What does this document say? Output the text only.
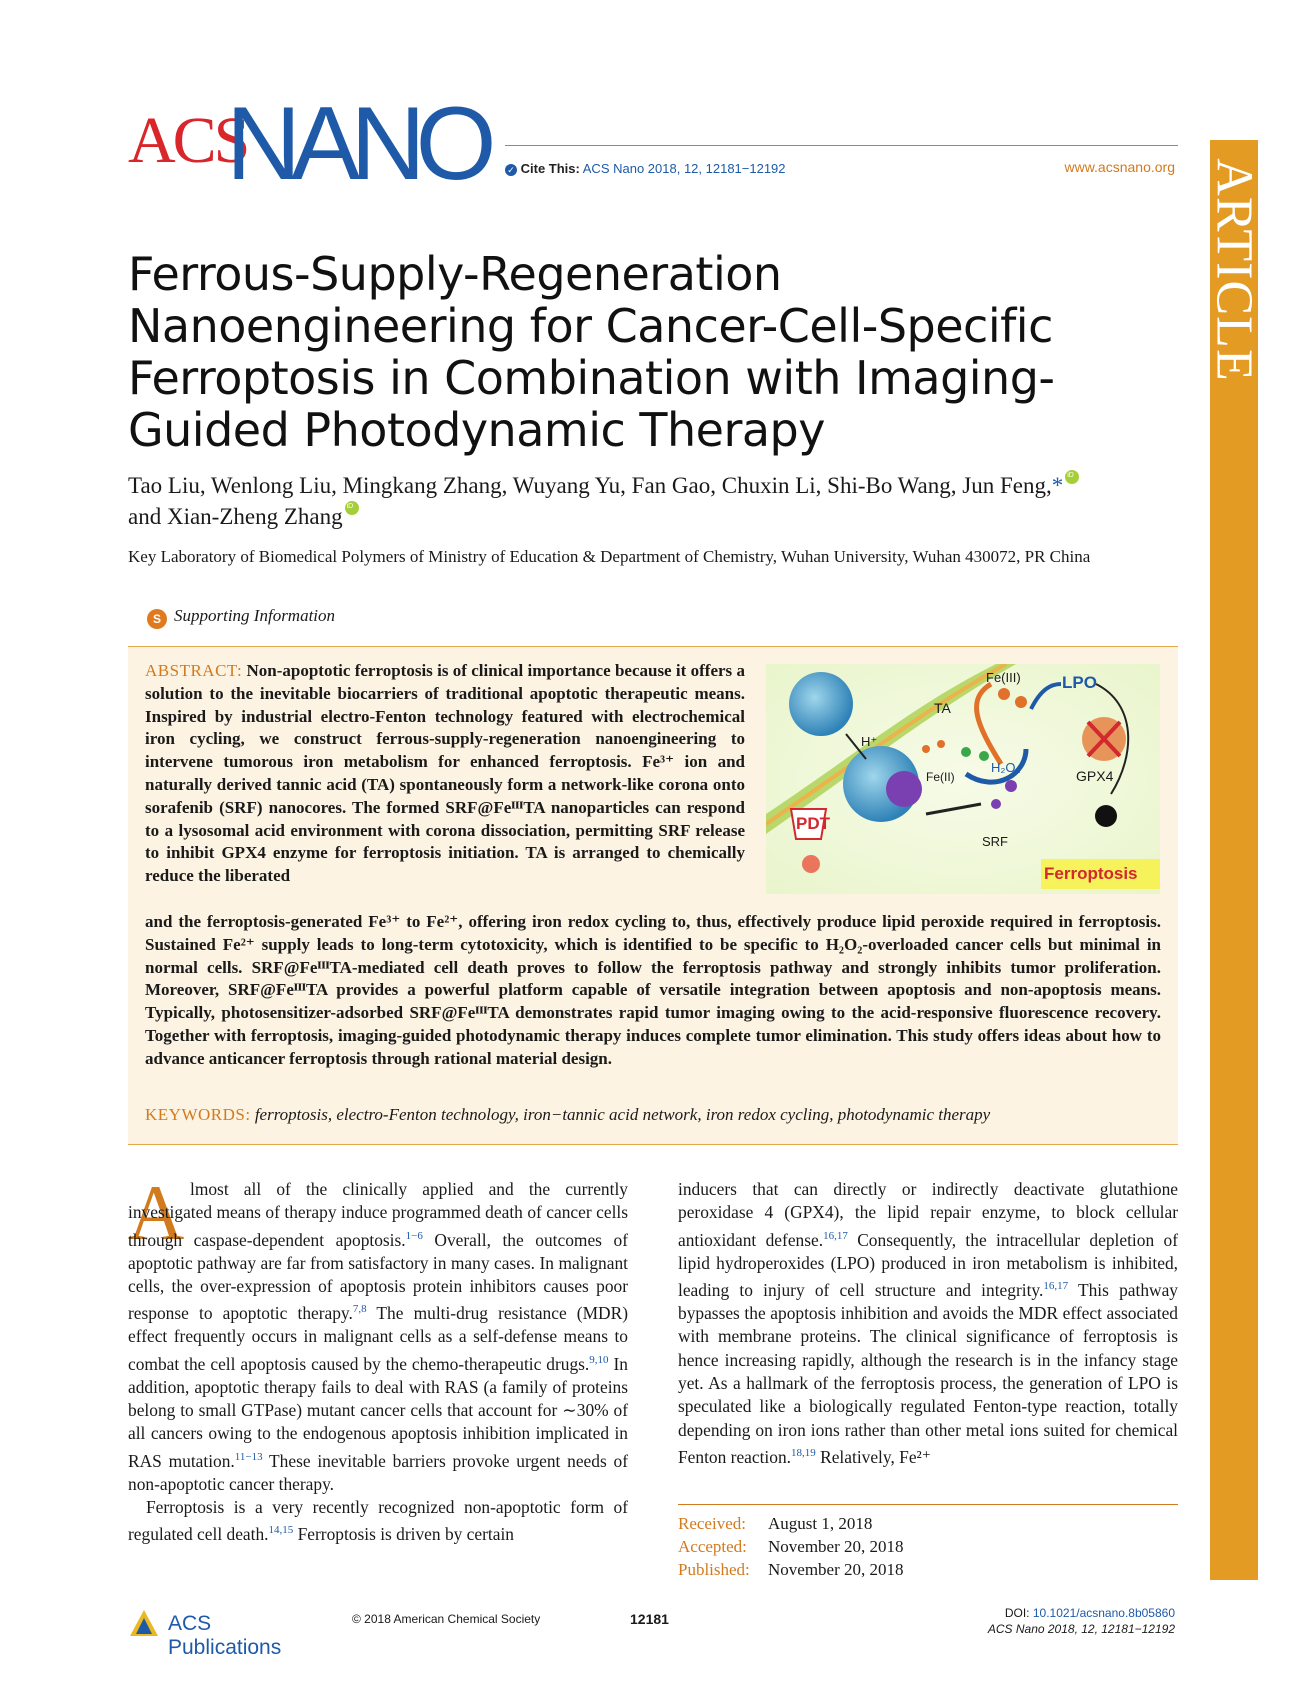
ACS
NANO ✓ Cite This: ACS Nano 2018, 12, 12181−12192	www.acsnano.org ARTICLE
Ferrous-Supply-Regeneration Nanoengineering for Cancer-Cell-Specific Ferroptosis in Combination with Imaging-Guided Photodynamic Therapy
Tao Liu, Wenlong Liu, Mingkang Zhang, Wuyang Yu, Fan Gao, Chuxin Li, Shi-Bo Wang, Jun Feng,*iD
and Xian-Zheng ZhangiD
Key Laboratory of Biomedical Polymers of Ministry of Education & Department of Chemistry, Wuhan University, Wuhan 430072, PR China
S Supporting Information
ABSTRACT: Non-apoptotic ferroptosis is of clinical importance because it offers a solution to the inevitable biocarriers of traditional apoptotic therapeutic means. Inspired by industrial electro-Fenton technology featured with electrochemical iron cycling, we construct ferrous-supply-regeneration nanoengineering to intervene tumorous iron metabolism for enhanced ferroptosis. Fe³⁺ ion and naturally derived tannic acid (TA) spontaneously form a network-like corona onto sorafenib (SRF) nanocores. The formed SRF@FeᴵᴵᴵTA nanoparticles can respond to a lysosomal acid environment with corona dissociation, permitting SRF release to inhibit GPX4 enzyme for ferroptosis initiation. TA is arranged to chemically reduce the liberated
and the ferroptosis-generated Fe³⁺ to Fe²⁺, offering iron redox cycling to, thus, effectively produce lipid peroxide required in ferroptosis. Sustained Fe²⁺ supply leads to long-term cytotoxicity, which is identified to be specific to H₂O₂-overloaded cancer cells but minimal in normal cells. SRF@FeᴵᴵᴵTA-mediated cell death proves to follow the ferroptosis pathway and strongly inhibits tumor proliferation. Moreover, SRF@FeᴵᴵᴵTA provides a powerful platform capable of versatile integration between apoptosis and non-apoptosis means. Typically, photosensitizer-adsorbed SRF@FeᴵᴵᴵTA demonstrates rapid tumor imaging owing to the acid-responsive fluorescence recovery. Together with ferroptosis, imaging-guided photodynamic therapy induces complete tumor elimination. This study offers ideas about how to advance anticancer ferroptosis through rational material design.
KEYWORDS: ferroptosis, electro-Fenton technology, iron−tannic acid network, iron redox cycling, photodynamic therapy
TA
Fe(III) LPO
H⁺
H₂O₂
Fe(II)	GPX4
PDT
SRF
Ferroptosis
A lmost all of the clinically applied and the currently investigated means of therapy induce programmed death of cancer cells through caspase-dependent apoptosis.$^{1-6}$ Overall, the outcomes of apoptotic pathway are far from satisfactory in many cases. In malignant cells, the over-expression of apoptosis protein inhibitors causes poor response to apoptotic therapy.$^{7,8}$ The multi-drug resistance (MDR) effect frequently occurs in malignant cells as a self-defense means to combat the cell apoptosis caused by the chemo-therapeutic drugs.$^{9,10}$ In addition, apoptotic therapy fails to deal with RAS (a family of proteins belong to small GTPase) mutant cancer cells that account for ∼30% of all cancers owing to the endogenous apoptosis inhibition implicated in RAS mutation.$^{11-13}$ These inevitable barriers provoke urgent needs of non-apoptotic cancer therapy.

Ferroptosis is a very recently recognized non-apoptotic form of regulated cell death.$^{14,15}$ Ferroptosis is driven by certain

inducers that can directly or indirectly deactivate glutathione peroxidase 4 (GPX4), the lipid repair enzyme, to block cellular antioxidant defense.$^{16,17}$ Consequently, the intracellular depletion of lipid hydroperoxides (LPO) produced in iron metabolism is inhibited, leading to injury of cell structure and integrity.$^{16,17}$ This pathway bypasses the apoptosis inhibition and avoids the MDR effect associated with membrane proteins. The clinical significance of ferroptosis is hence increasing rapidly, although the research is in the infancy stage yet. As a hallmark of the ferroptosis process, the generation of LPO is speculated like a biologically regulated Fenton-type reaction, totally depending on iron ions rather than other metal ions suited for chemical Fenton reaction.$^{18,19}$ Relatively, Fe²⁺

Received: August 1, 2018
Accepted: November 20, 2018
Published: November 20, 2018
ACS Publications
© 2018 American Chemical Society	12181	DOI: 10.1021/acsnano.8b05860
ACS Nano 2018, 12, 12181−12192
